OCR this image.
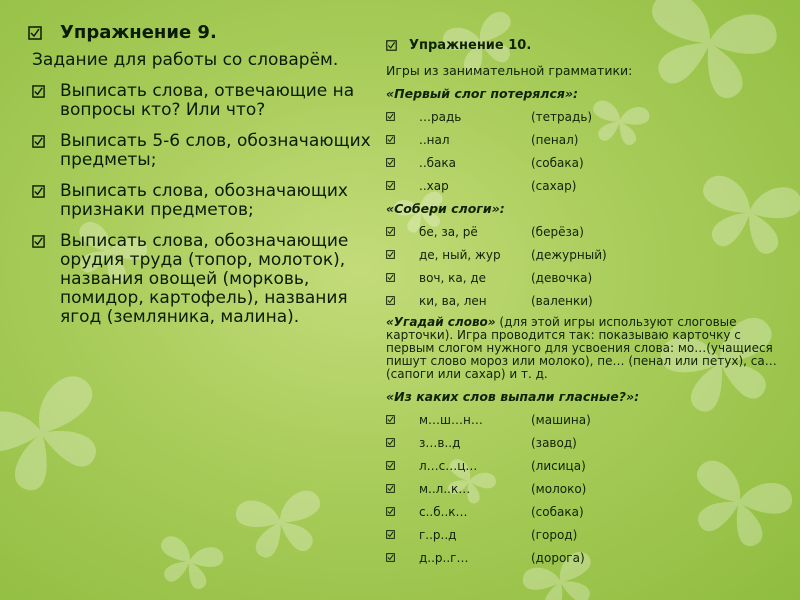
Упражнение 9.
Задание для работы со словарём.
Выписать слова, отвечающие на вопросы кто? Или что?
Выписать 5-6 слов, обозначающих предметы;
Выписать слова, обозначающих признаки предметов;
Выписать слова, обозначающие орудия труда (топор, молоток), названия овощей (морковь, помидор, картофель), названия ягод (земляника, малина).
Упражнение 10.
Игры из занимательной грамматики:
«Первый слог потерялся»:
…радь	(тетрадь)
..нал	(пенал)
..бака	(собака)
..хар	(сахар)
«Собери слоги»:
бе, за, рё	(берёза)
де, ный, жур	(дежурный)
воч, ка, де	(девочка)
ки, ва, лен	(валенки)
«Угадай слово» (для этой игры используют слоговые карточки). Игра проводится так: показываю карточку с первым слогом нужного для усвоения слова: мо…(учащиеся пишут слово мороз или молоко), пе… (пенал или петух), са… (сапоги или сахар) и т. д.
«Из каких слов выпали гласные?»:
м…ш…н…	(машина)
з…в..д	(завод)
л…с…ц…	(лисица)
м..л..к…	(молоко)
с..б..к…	(собака)
г..р..д	(город)
д..р..г…	(дорога)
